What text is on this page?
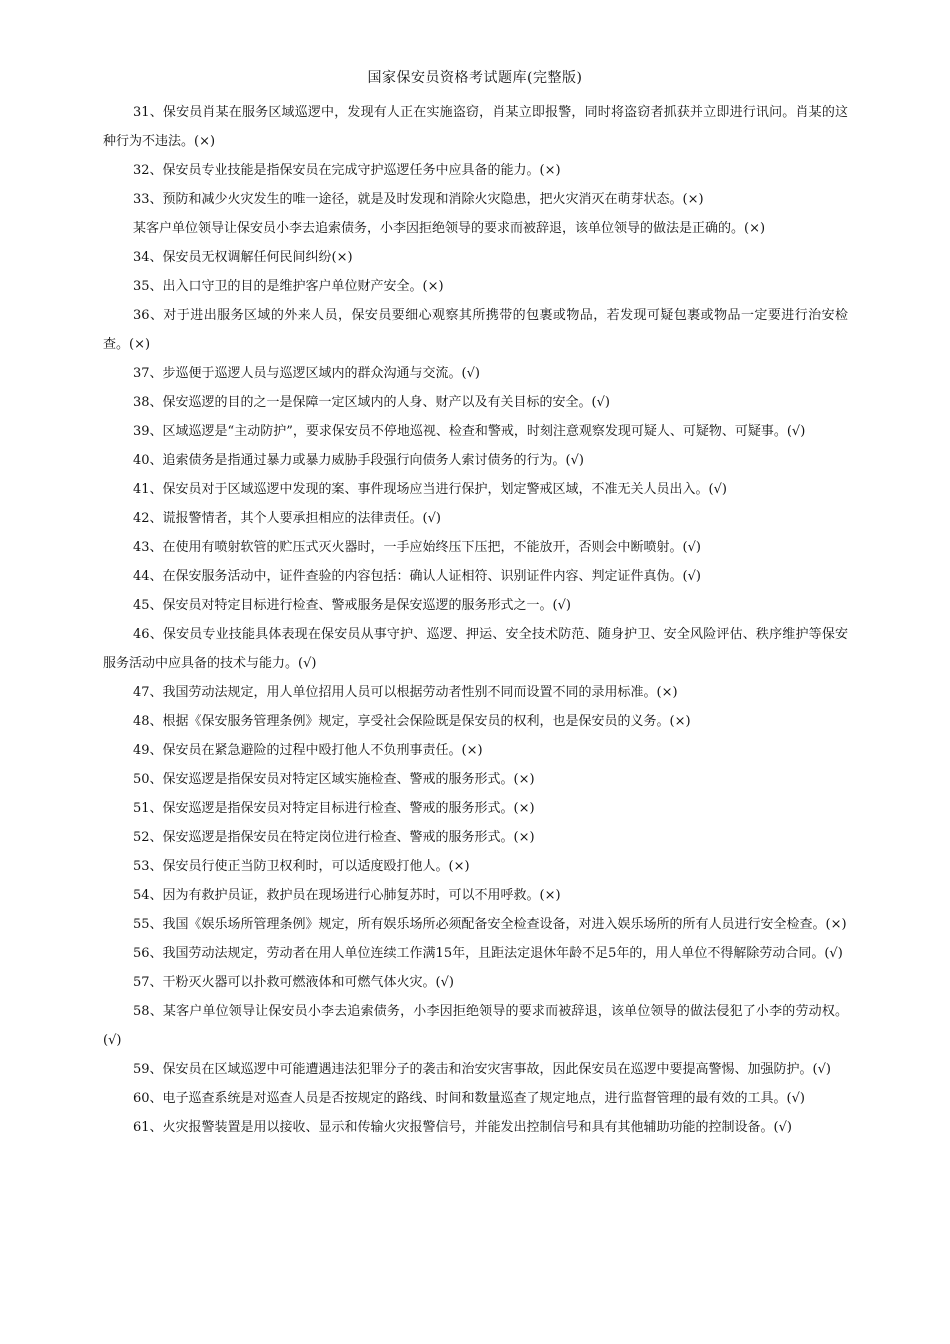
国家保安员资格考试题库(完整版)

31、保安员肖某在服务区域巡逻中，发现有人正在实施盗窃，肖某立即报警，同时将盗窃者抓获并立即进行讯问。肖某的这种行为不违法。(×)

32、保安员专业技能是指保安员在完成守护巡逻任务中应具备的能力。(×)

33、预防和减少火灾发生的唯一途径，就是及时发现和消除火灾隐患，把火灾消灭在萌芽状态。(×)

某客户单位领导让保安员小李去追索债务，小李因拒绝领导的要求而被辞退，该单位领导的做法是正确的。(×)

34、保安员无权调解任何民间纠纷(×)

35、出入口守卫的目的是维护客户单位财产安全。(×)

36、对于进出服务区域的外来人员，保安员要细心观察其所携带的包裹或物品，若发现可疑包裹或物品一定要进行治安检查。(×)

37、步巡便于巡逻人员与巡逻区域内的群众沟通与交流。(√)

38、保安巡逻的目的之一是保障一定区域内的人身、财产以及有关目标的安全。(√)

39、区域巡逻是“主动防护”，要求保安员不停地巡视、检查和警戒，时刻注意观察发现可疑人、可疑物、可疑事。(√)

40、追索债务是指通过暴力或暴力威胁手段强行向债务人索讨债务的行为。(√)

41、保安员对于区域巡逻中发现的案、事件现场应当进行保护，划定警戒区域，不准无关人员出入。(√)

42、谎报警情者，其个人要承担相应的法律责任。(√)

43、在使用有喷射软管的贮压式灭火器时，一手应始终压下压把，不能放开，否则会中断喷射。(√)

44、在保安服务活动中，证件查验的内容包括：确认人证相符、识别证件内容、判定证件真伪。(√)

45、保安员对特定目标进行检查、警戒服务是保安巡逻的服务形式之一。(√)

46、保安员专业技能具体表现在保安员从事守护、巡逻、押运、安全技术防范、随身护卫、安全风险评估、秩序维护等保安服务活动中应具备的技术与能力。(√)

47、我国劳动法规定，用人单位招用人员可以根据劳动者性别不同而设置不同的录用标准。(×)

48、根据《保安服务管理条例》规定，享受社会保险既是保安员的权利，也是保安员的义务。(×)

49、保安员在紧急避险的过程中殴打他人不负刑事责任。(×)

50、保安巡逻是指保安员对特定区域实施检查、警戒的服务形式。(×)

51、保安巡逻是指保安员对特定目标进行检查、警戒的服务形式。(×)

52、保安巡逻是指保安员在特定岗位进行检查、警戒的服务形式。(×)

53、保安员行使正当防卫权利时，可以适度殴打他人。(×)

54、因为有救护员证，救护员在现场进行心肺复苏时，可以不用呼救。(×)

55、我国《娱乐场所管理条例》规定，所有娱乐场所必须配备安全检查设备，对进入娱乐场所的所有人员进行安全检查。(×)

56、我国劳动法规定，劳动者在用人单位连续工作满15年，且距法定退休年龄不足5年的，用人单位不得解除劳动合同。(√)

57、干粉灭火器可以扑救可燃液体和可燃气体火灾。(√)

58、某客户单位领导让保安员小李去追索债务，小李因拒绝领导的要求而被辞退，该单位领导的做法侵犯了小李的劳动权。(√)

59、保安员在区域巡逻中可能遭遇违法犯罪分子的袭击和治安灾害事故，因此保安员在巡逻中要提高警惕、加强防护。(√)

60、电子巡查系统是对巡查人员是否按规定的路线、时间和数量巡查了规定地点，进行监督管理的最有效的工具。(√)

61、火灾报警装置是用以接收、显示和传输火灾报警信号，并能发出控制信号和具有其他辅助功能的控制设备。(√)
